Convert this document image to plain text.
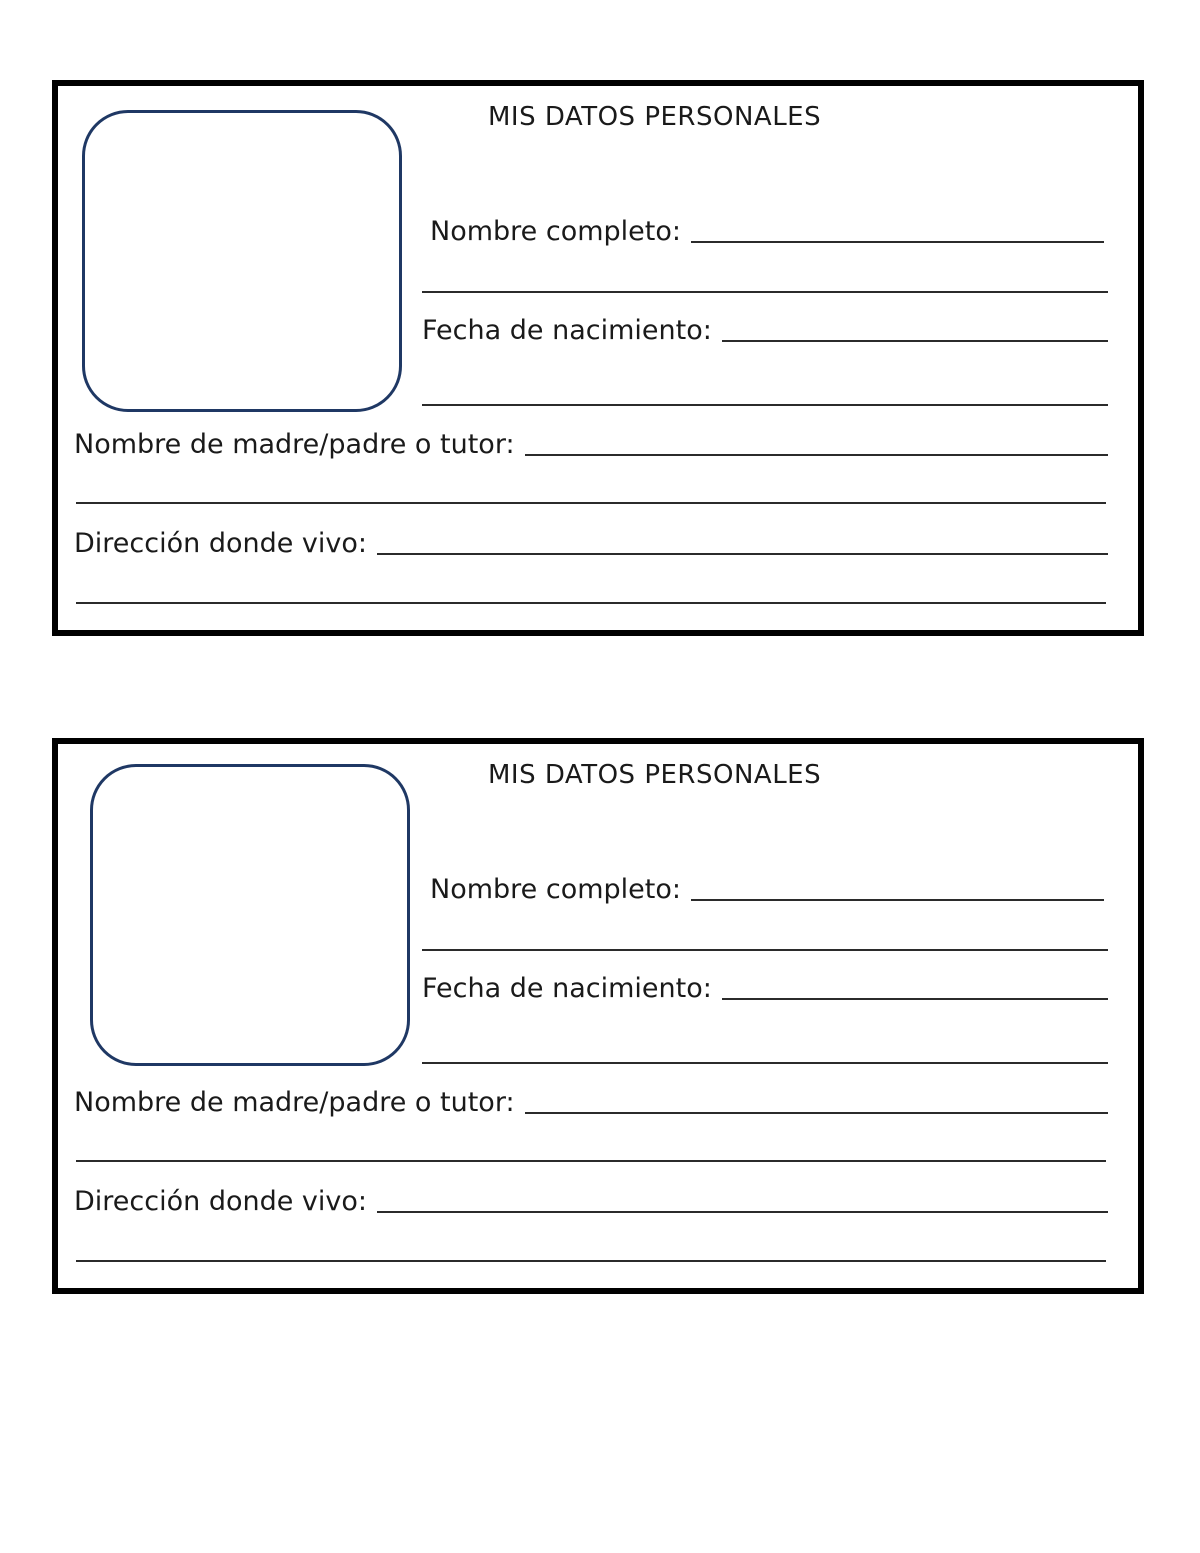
MIS DATOS PERSONALES
Nombre completo:
Fecha de nacimiento:
Nombre de madre/padre o tutor:
Dirección donde vivo:
MIS DATOS PERSONALES
Nombre completo:
Fecha de nacimiento:
Nombre de madre/padre o tutor:
Dirección donde vivo:
